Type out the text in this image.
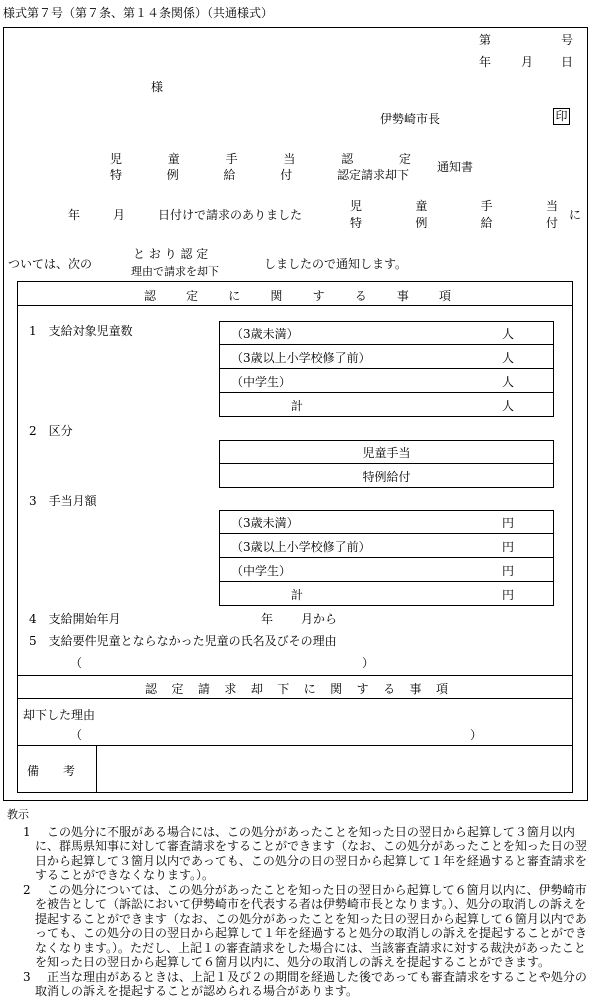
様式第７号（第７条、第１４条関係）（共通様式）
第	号
年 月 日
様
伊勢崎市長	印
児	童	手	当	認	定
特	例	給	付	認定請求却下
通知書
年	月	日付けで請求のありました
児	童	手	当
特	例	給	付
に
ついては、次の
と お り 認 定
理由で請求を却下
しましたので通知します。
認	定	に	関	す	る	事	項
1　支給対象児童数	（3歳未満）	人
（3歳以上小学校修了前）	人
（中学生）	人
計	人
2　区分
児童手当
特例給付
3　手当月額
（3歳未満）	円
（3歳以上小学校修了前）	円
（中学生）	円
計	円
4　支給開始年月	年 月から
5　支給要件児童とならなかった児童の氏名及びその理由
（	）
認 定 請 求 却 下 に 関 す る 事 項
却下した理由
（	）
備　　考
教示
1 この処分に不服がある場合には、この処分があったことを知った日の翌日から起算して３箇月以内に、群馬県知事に対して審査請求をすることができます（なお、この処分があったことを知った日の翌日から起算して３箇月以内であっても、この処分の日の翌日から起算して１年を経過すると審査請求をすることができなくなります。）。
2 この処分については、この処分があったことを知った日の翌日から起算して６箇月以内に、伊勢崎市を被告として（訴訟において伊勢崎市を代表する者は伊勢崎市長となります。）、処分の取消しの訴えを提起することができます（なお、この処分があったことを知った日の翌日から起算して６箇月以内であっても、この処分の日の翌日から起算して１年を経過すると処分の取消しの訴えを提起することができなくなります。）。ただし、上記１の審査請求をした場合には、当該審査請求に対する裁決があったことを知った日の翌日から起算して６箇月以内に、処分の取消しの訴えを提起することができます。
3 正当な理由があるときは、上記１及び２の期間を経過した後であっても審査請求をすることや処分の取消しの訴えを提起することが認められる場合があります。
